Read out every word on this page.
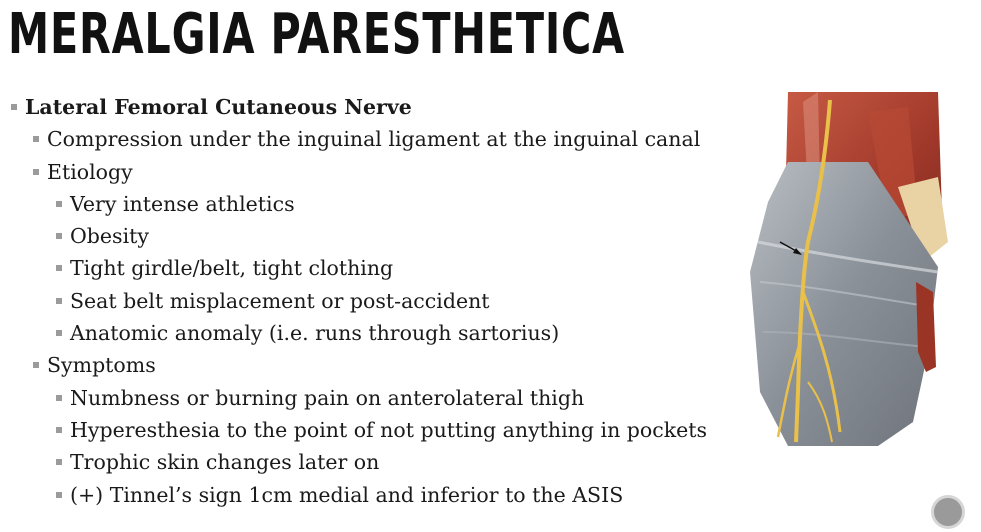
MERALGIA PARESTHETICA
Lateral Femoral Cutaneous Nerve
Compression under the inguinal ligament at the inguinal canal
Etiology
Very intense athletics
Obesity
Tight girdle/belt, tight clothing
Seat belt misplacement or post-accident
Anatomic anomaly (i.e. runs through sartorius)
Symptoms
Numbness or burning pain on anterolateral thigh
Hyperesthesia to the point of not putting anything in pockets
Trophic skin changes later on
(+) Tinnel’s sign 1cm medial and inferior to the ASIS
